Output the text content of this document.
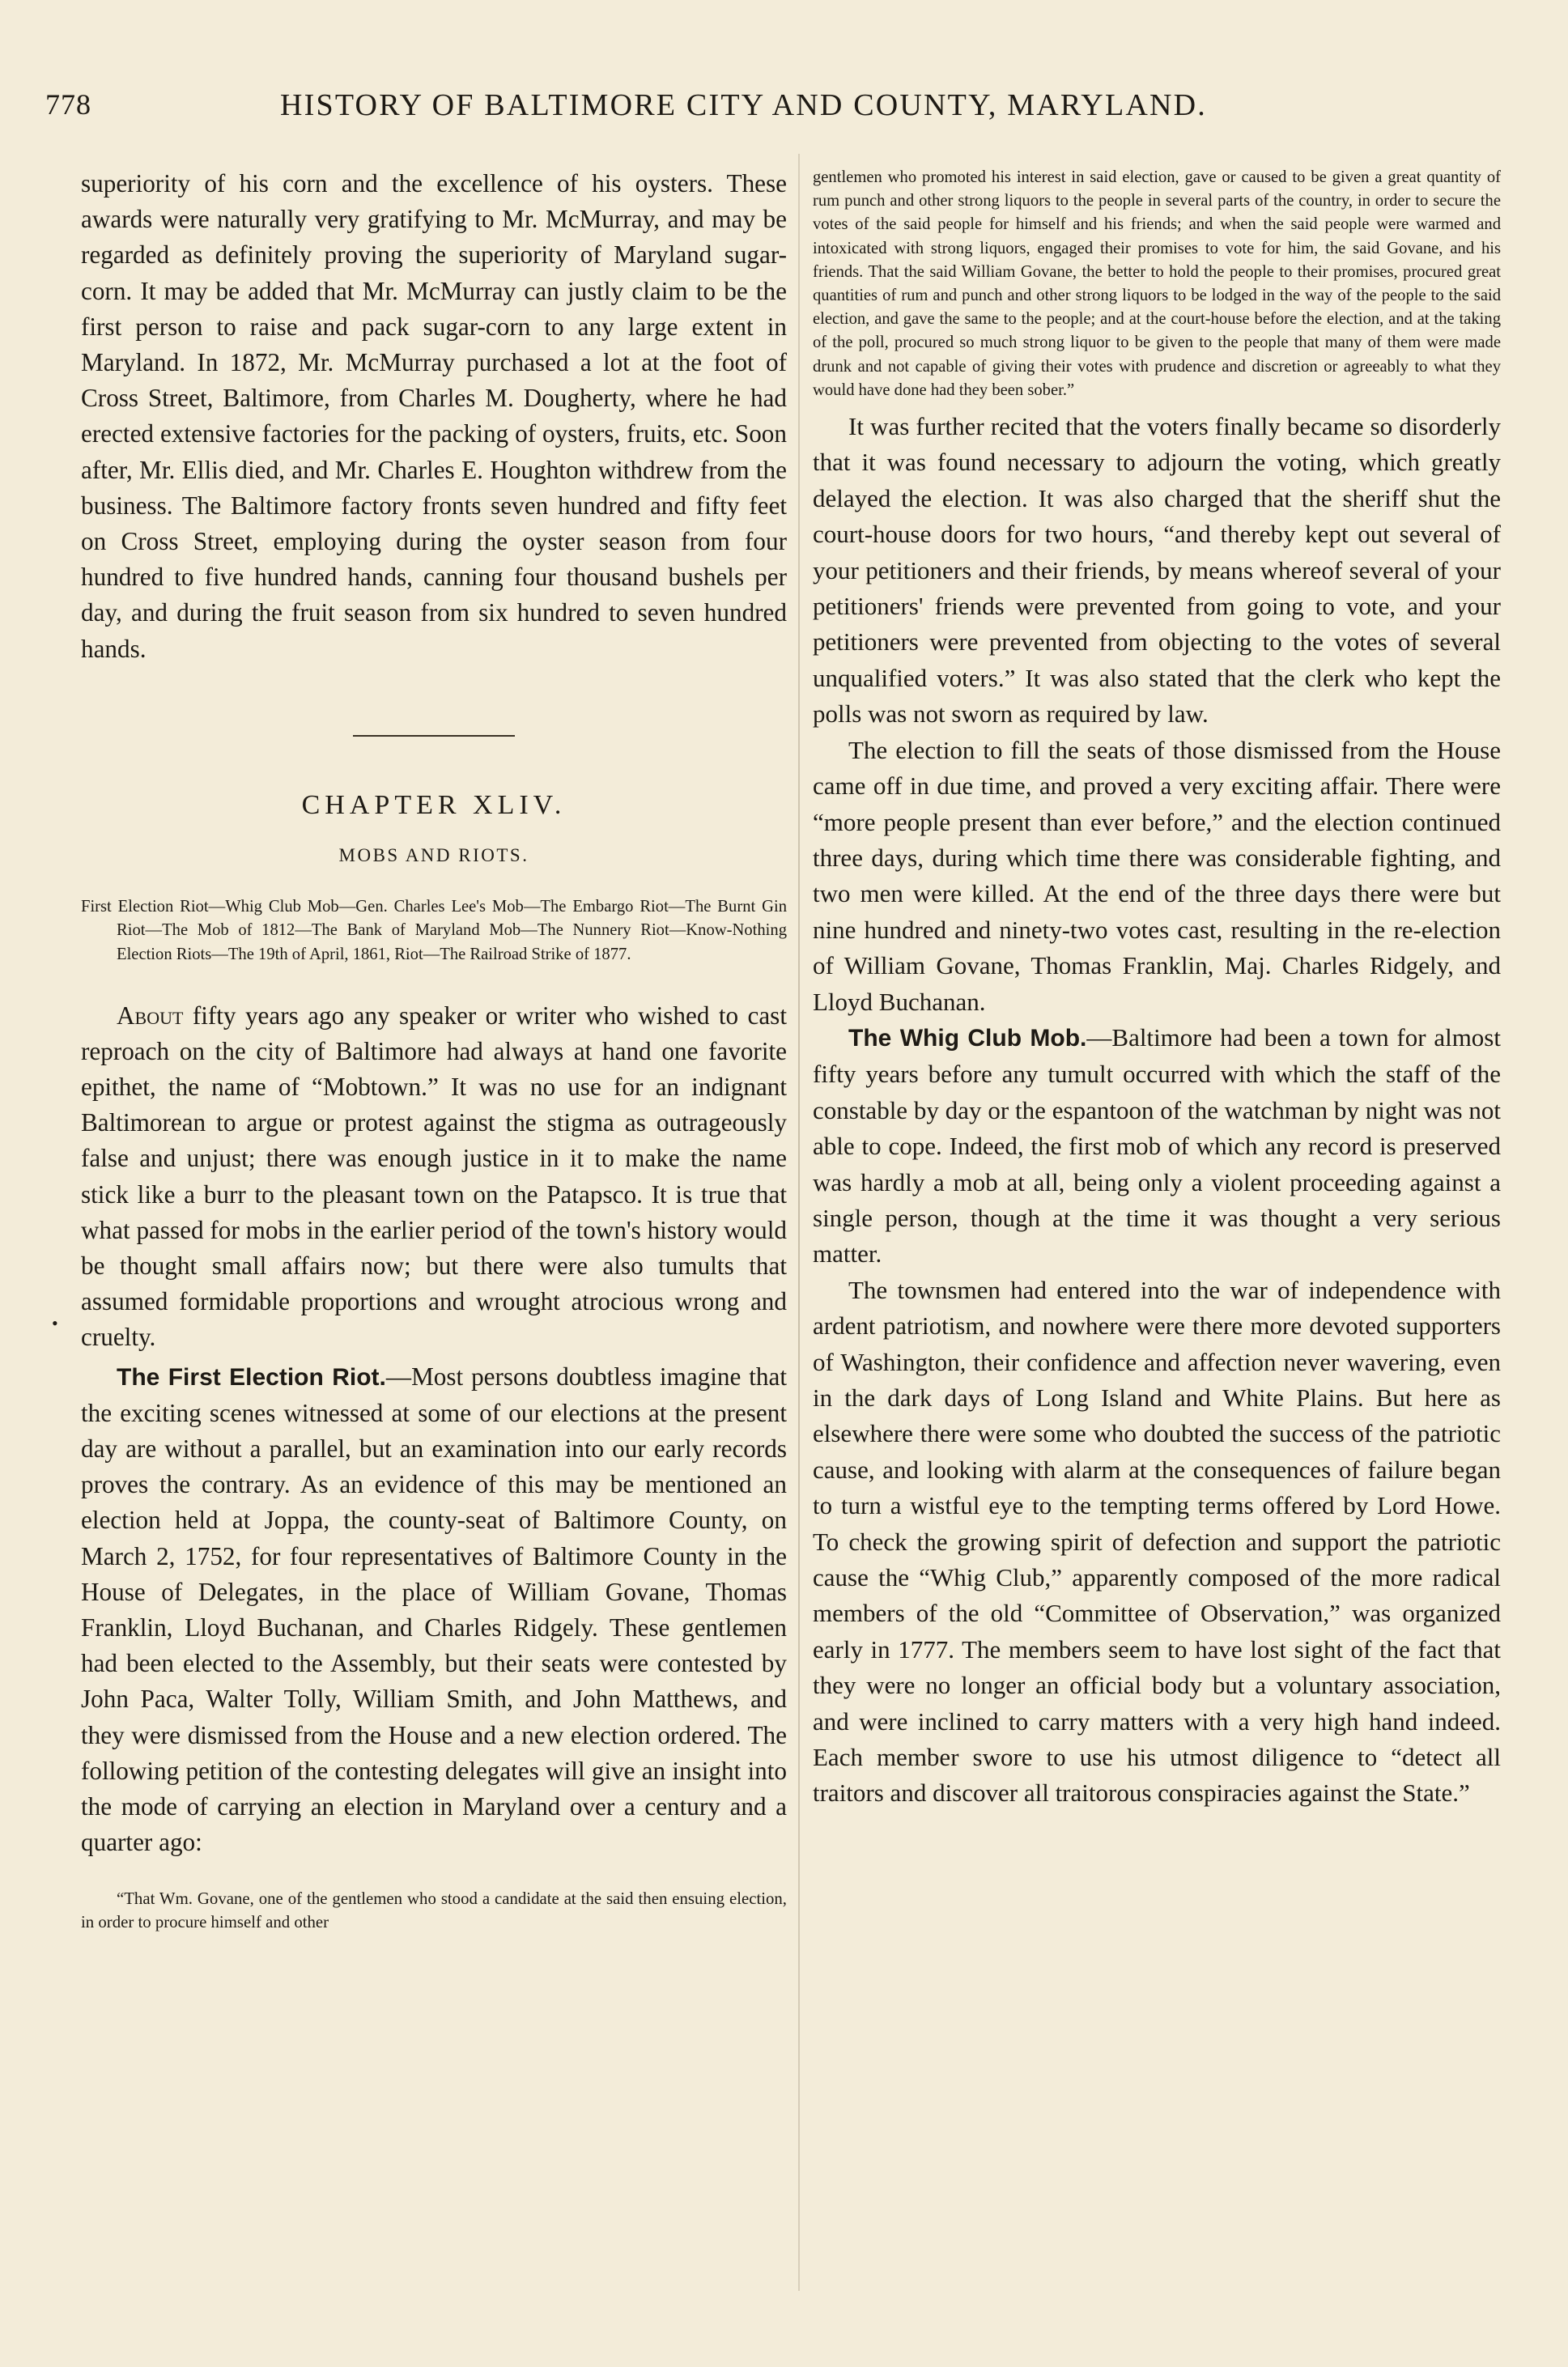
778	HISTORY OF BALTIMORE CITY AND COUNTY, MARYLAND.
•

superiority of his corn and the excellence of his oysters. These awards were naturally very gratifying to Mr. McMurray, and may be regarded as definitely proving the superiority of Maryland sugar-corn. It may be added that Mr. McMurray can justly claim to be the first person to raise and pack sugar-corn to any large extent in Maryland. In 1872, Mr. McMurray purchased a lot at the foot of Cross Street, Baltimore, from Charles M. Dougherty, where he had erected extensive factories for the packing of oysters, fruits, etc. Soon after, Mr. Ellis died, and Mr. Charles E. Houghton withdrew from the business. The Baltimore factory fronts seven hundred and fifty feet on Cross Street, employing during the oyster season from four hundred to five hundred hands, canning four thousand bushels per day, and during the fruit season from six hundred to seven hundred hands.

CHAPTER XLIV.
MOBS AND RIOTS.

First Election Riot—Whig Club Mob—Gen. Charles Lee's Mob—The Embargo Riot—The Burnt Gin Riot—The Mob of 1812—The Bank of Maryland Mob—The Nunnery Riot—Know-Nothing Election Riots—The 19th of April, 1861, Riot—The Railroad Strike of 1877.

About fifty years ago any speaker or writer who wished to cast reproach on the city of Baltimore had always at hand one favorite epithet, the name of “Mobtown.” It was no use for an indignant Baltimorean to argue or protest against the stigma as outrageously false and unjust; there was enough justice in it to make the name stick like a burr to the pleasant town on the Patapsco. It is true that what passed for mobs in the earlier period of the town's history would be thought small affairs now; but there were also tumults that assumed formidable proportions and wrought atrocious wrong and cruelty.

The First Election Riot.—Most persons doubtless imagine that the exciting scenes witnessed at some of our elections at the present day are without a parallel, but an examination into our early records proves the contrary. As an evidence of this may be mentioned an election held at Joppa, the county-seat of Baltimore County, on March 2, 1752, for four representatives of Baltimore County in the House of Delegates, in the place of William Govane, Thomas Franklin, Lloyd Buchanan, and Charles Ridgely. These gentlemen had been elected to the Assembly, but their seats were contested by John Paca, Walter Tolly, William Smith, and John Matthews, and they were dismissed from the House and a new election ordered. The following petition of the contesting delegates will give an insight into the mode of carrying an election in Maryland over a century and a quarter ago:

“That Wm. Govane, one of the gentlemen who stood a candidate at the said then ensuing election, in order to procure himself and other

gentlemen who promoted his interest in said election, gave or caused to be given a great quantity of rum punch and other strong liquors to the people in several parts of the country, in order to secure the votes of the said people for himself and his friends; and when the said people were warmed and intoxicated with strong liquors, engaged their promises to vote for him, the said Govane, and his friends. That the said William Govane, the better to hold the people to their promises, procured great quantities of rum and punch and other strong liquors to be lodged in the way of the people to the said election, and gave the same to the people; and at the court-house before the election, and at the taking of the poll, procured so much strong liquor to be given to the people that many of them were made drunk and not capable of giving their votes with prudence and discretion or agreeably to what they would have done had they been sober.”

It was further recited that the voters finally became so disorderly that it was found necessary to adjourn the voting, which greatly delayed the election. It was also charged that the sheriff shut the court-house doors for two hours, “and thereby kept out several of your petitioners and their friends, by means whereof several of your petitioners' friends were prevented from going to vote, and your petitioners were prevented from objecting to the votes of several unqualified voters.” It was also stated that the clerk who kept the polls was not sworn as required by law.

The election to fill the seats of those dismissed from the House came off in due time, and proved a very exciting affair. There were “more people present than ever before,” and the election continued three days, during which time there was considerable fighting, and two men were killed. At the end of the three days there were but nine hundred and ninety-two votes cast, resulting in the re-election of William Govane, Thomas Franklin, Maj. Charles Ridgely, and Lloyd Buchanan.

The Whig Club Mob.—Baltimore had been a town for almost fifty years before any tumult occurred with which the staff of the constable by day or the espantoon of the watchman by night was not able to cope. Indeed, the first mob of which any record is preserved was hardly a mob at all, being only a violent proceeding against a single person, though at the time it was thought a very serious matter.

The townsmen had entered into the war of independence with ardent patriotism, and nowhere were there more devoted supporters of Washington, their confidence and affection never wavering, even in the dark days of Long Island and White Plains. But here as elsewhere there were some who doubted the success of the patriotic cause, and looking with alarm at the consequences of failure began to turn a wistful eye to the tempting terms offered by Lord Howe. To check the growing spirit of defection and support the patriotic cause the “Whig Club,” apparently composed of the more radical members of the old “Committee of Observation,” was organized early in 1777. The members seem to have lost sight of the fact that they were no longer an official body but a voluntary association, and were inclined to carry matters with a very high hand indeed. Each member swore to use his utmost diligence to “detect all traitors and discover all traitorous conspiracies against the State.”
